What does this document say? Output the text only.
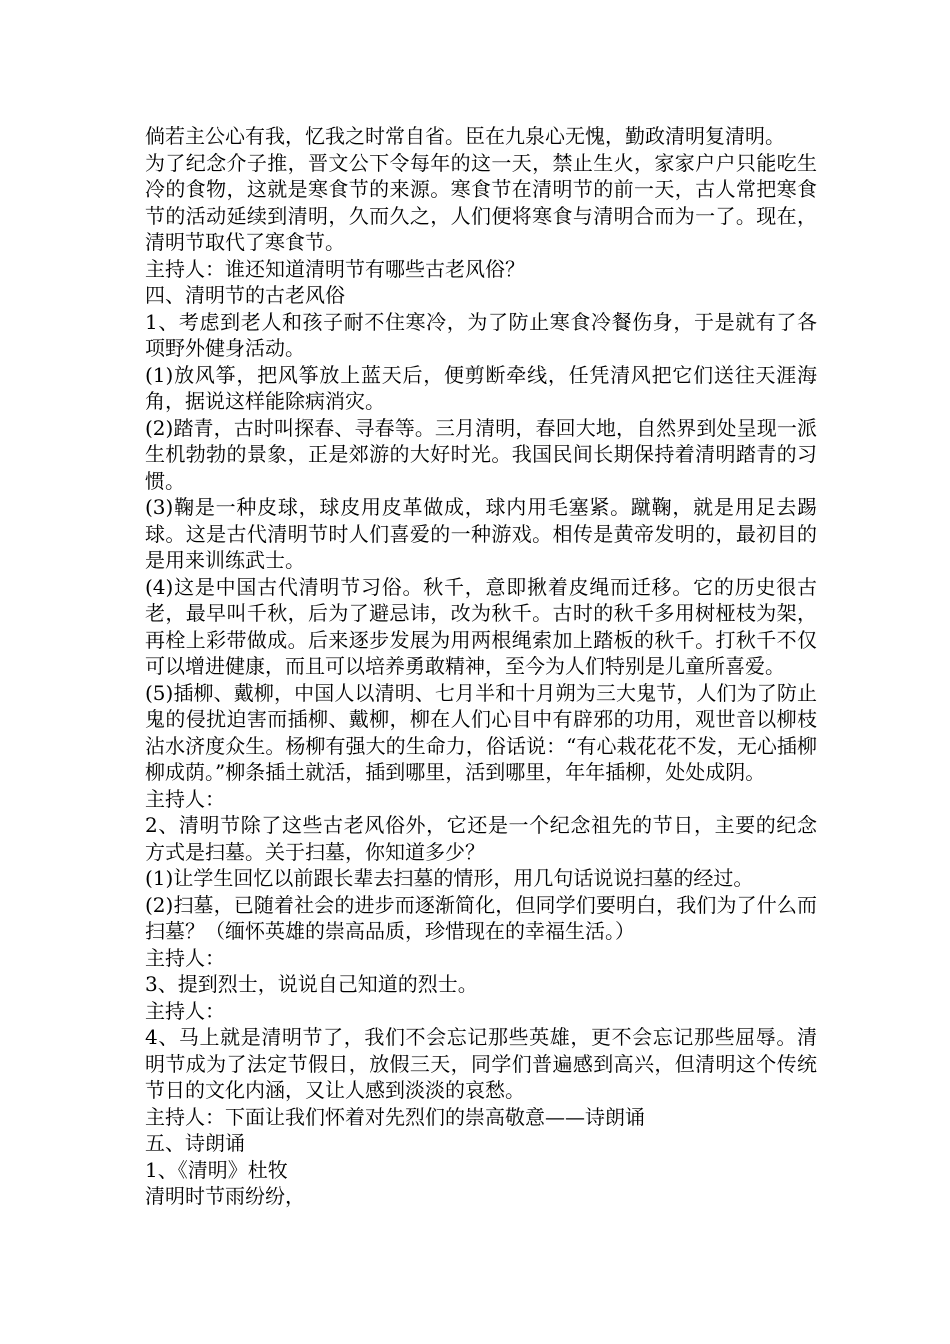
倘若主公心有我，忆我之时常自省。臣在九泉心无愧，勤政清明复清明。

为了纪念介子推，晋文公下令每年的这一天，禁止生火，家家户户只能吃生冷的食物，这就是寒食节的来源。寒食节在清明节的前一天，古人常把寒食节的活动延续到清明，久而久之，人们便将寒食与清明合而为一了。现在，清明节取代了寒食节。

主持人：谁还知道清明节有哪些古老风俗？

四、清明节的古老风俗

1、考虑到老人和孩子耐不住寒冷，为了防止寒食冷餐伤身，于是就有了各项野外健身活动。

(1)放风筝，把风筝放上蓝天后，便剪断牵线，任凭清风把它们送往天涯海角，据说这样能除病消灾。

(2)踏青，古时叫探春、寻春等。三月清明，春回大地，自然界到处呈现一派生机勃勃的景象，正是郊游的大好时光。我国民间长期保持着清明踏青的习惯。

(3)鞠是一种皮球，球皮用皮革做成，球内用毛塞紧。蹴鞠，就是用足去踢球。这是古代清明节时人们喜爱的一种游戏。相传是黄帝发明的，最初目的是用来训练武士。

(4)这是中国古代清明节习俗。秋千，意即揪着皮绳而迁移。它的历史很古老，最早叫千秋，后为了避忌讳，改为秋千。古时的秋千多用树桠枝为架，再栓上彩带做成。后来逐步发展为用两根绳索加上踏板的秋千。打秋千不仅可以增进健康，而且可以培养勇敢精神，至今为人们特别是儿童所喜爱。

(5)插柳、戴柳，中国人以清明、七月半和十月朔为三大鬼节，人们为了防止鬼的侵扰迫害而插柳、戴柳，柳在人们心目中有辟邪的功用，观世音以柳枝沾水济度众生。杨柳有强大的生命力，俗话说：“有心栽花花不发，无心插柳柳成荫。”柳条插土就活，插到哪里，活到哪里，年年插柳，处处成阴。

主持人：

2、清明节除了这些古老风俗外，它还是一个纪念祖先的节日，主要的纪念方式是扫墓。关于扫墓，你知道多少？

(1)让学生回忆以前跟长辈去扫墓的情形，用几句话说说扫墓的经过。

(2)扫墓，已随着社会的进步而逐渐简化，但同学们要明白，我们为了什么而扫墓？（缅怀英雄的崇高品质，珍惜现在的幸福生活。）

主持人：

3、提到烈士，说说自己知道的烈士。

主持人：

4、马上就是清明节了，我们不会忘记那些英雄，更不会忘记那些屈辱。清明节成为了法定节假日，放假三天，同学们普遍感到高兴，但清明这个传统节日的文化内涵，又让人感到淡淡的哀愁。

主持人：下面让我们怀着对先烈们的崇高敬意——诗朗诵

五、诗朗诵

1、《清明》杜牧

清明时节雨纷纷，
